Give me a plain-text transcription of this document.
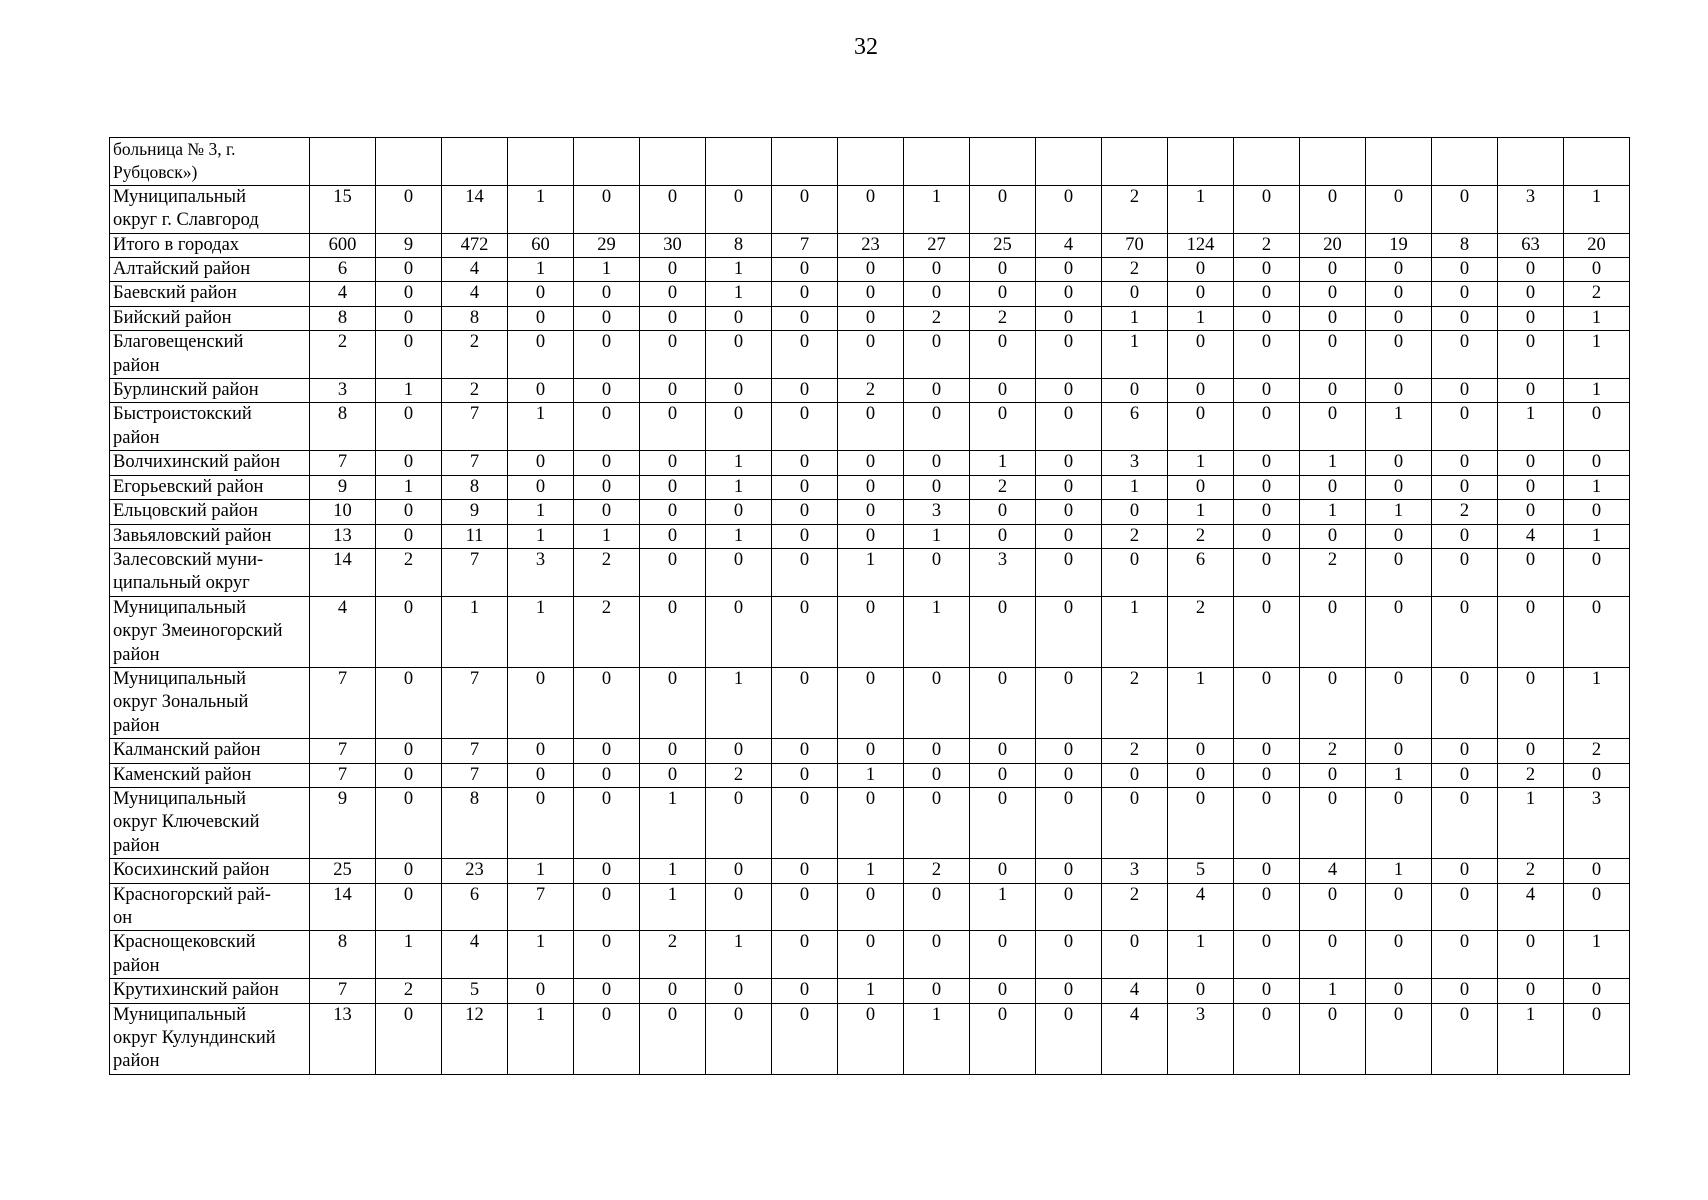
32
больница № 3, г.
Рубцовск»)																				
Муниципальный
округ г. Славгород	15	0	14	1	0	0	0	0	0	1	0	0	2	1	0	0	0	0	3	1
Итого в городах	600	9	472	60	29	30	8	7	23	27	25	4	70	124	2	20	19	8	63	20
Алтайский район	6	0	4	1	1	0	1	0	0	0	0	0	2	0	0	0	0	0	0	0
Баевский район	4	0	4	0	0	0	1	0	0	0	0	0	0	0	0	0	0	0	0	2
Бийский район	8	0	8	0	0	0	0	0	0	2	2	0	1	1	0	0	0	0	0	1
Благовещенский
район	2	0	2	0	0	0	0	0	0	0	0	0	1	0	0	0	0	0	0	1
Бурлинский район	3	1	2	0	0	0	0	0	2	0	0	0	0	0	0	0	0	0	0	1
Быстроистокский
район	8	0	7	1	0	0	0	0	0	0	0	0	6	0	0	0	1	0	1	0
Волчихинский район	7	0	7	0	0	0	1	0	0	0	1	0	3	1	0	1	0	0	0	0
Егорьевский район	9	1	8	0	0	0	1	0	0	0	2	0	1	0	0	0	0	0	0	1
Ельцовский район	10	0	9	1	0	0	0	0	0	3	0	0	0	1	0	1	1	2	0	0
Завьяловский район	13	0	11	1	1	0	1	0	0	1	0	0	2	2	0	0	0	0	4	1
Залесовский муни-
ципальный округ	14	2	7	3	2	0	0	0	1	0	3	0	0	6	0	2	0	0	0	0
Муниципальный
округ Змеиногорский
район	4	0	1	1	2	0	0	0	0	1	0	0	1	2	0	0	0	0	0	0
Муниципальный
округ Зональный
район	7	0	7	0	0	0	1	0	0	0	0	0	2	1	0	0	0	0	0	1
Калманский район	7	0	7	0	0	0	0	0	0	0	0	0	2	0	0	2	0	0	0	2
Каменский район	7	0	7	0	0	0	2	0	1	0	0	0	0	0	0	0	1	0	2	0
Муниципальный
округ Ключевский
район	9	0	8	0	0	1	0	0	0	0	0	0	0	0	0	0	0	0	1	3
Косихинский район	25	0	23	1	0	1	0	0	1	2	0	0	3	5	0	4	1	0	2	0
Красногорский рай-
он	14	0	6	7	0	1	0	0	0	0	1	0	2	4	0	0	0	0	4	0
Краснощековский
район	8	1	4	1	0	2	1	0	0	0	0	0	0	1	0	0	0	0	0	1
Крутихинский район	7	2	5	0	0	0	0	0	1	0	0	0	4	0	0	1	0	0	0	0
Муниципальный
округ Кулундинский
район	13	0	12	1	0	0	0	0	0	1	0	0	4	3	0	0	0	0	1	0
